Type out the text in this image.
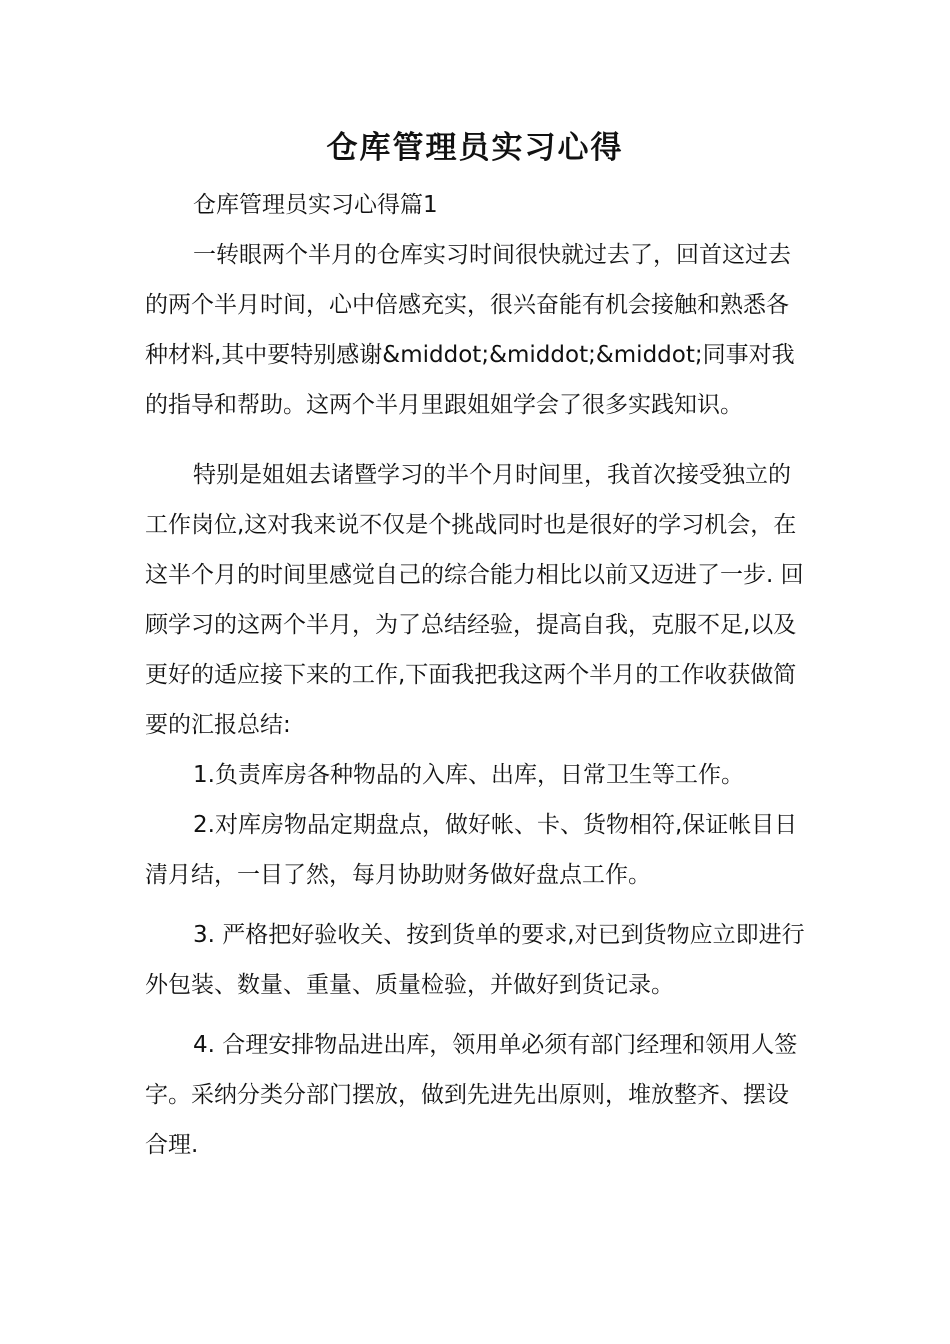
仓库管理员实习心得

仓库管理员实习心得篇1

一转眼两个半月的仓库实习时间很快就过去了，回首这过去的两个半月时间，心中倍感充实，很兴奋能有机会接触和熟悉各种材料,其中要特别感谢&middot;&middot;&middot;同事对我的指导和帮助。这两个半月里跟姐姐学会了很多实践知识。

特别是姐姐去诸暨学习的半个月时间里，我首次接受独立的工作岗位,这对我来说不仅是个挑战同时也是很好的学习机会，在这半个月的时间里感觉自己的综合能力相比以前又迈进了一步. 回顾学习的这两个半月，为了总结经验，提高自我，克服不足,以及更好的适应接下来的工作,下面我把我这两个半月的工作收获做简要的汇报总结:

1.负责库房各种物品的入库、出库，日常卫生等工作。

2.对库房物品定期盘点，做好帐、卡、货物相符,保证帐目日清月结，一目了然，每月协助财务做好盘点工作。

3. 严格把好验收关、按到货单的要求,对已到货物应立即进行外包装、数量、重量、质量检验，并做好到货记录。

4. 合理安排物品进出库，领用单必须有部门经理和领用人签字。采纳分类分部门摆放，做到先进先出原则，堆放整齐、摆设合理.
